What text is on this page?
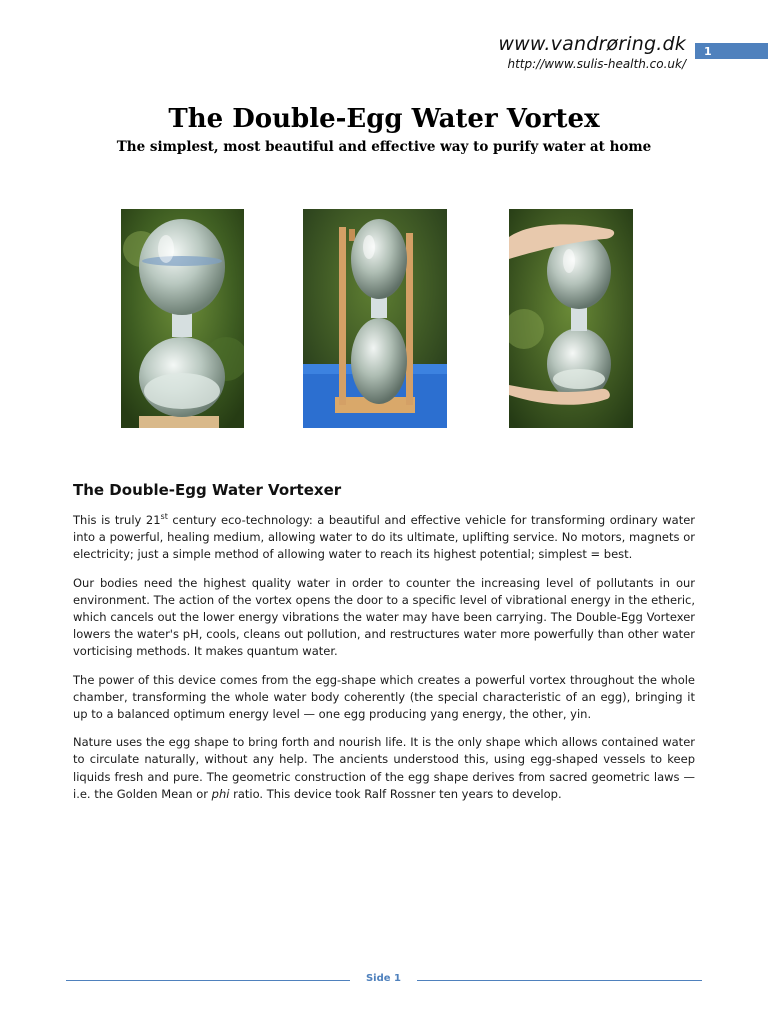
www.vandrøring.dk
http://www.sulis-health.co.uk/
1
The Double-Egg Water Vortex
The simplest, most beautiful and effective way to purify water at home
The Double-Egg Water Vortexer

This is truly 21st century eco-technology: a beautiful and effective vehicle for transforming ordinary water into a powerful, healing medium, allowing water to do its ultimate, uplifting service. No motors, magnets or electricity; just a simple method of allowing water to reach its highest potential; simplest = best.

Our bodies need the highest quality water in order to counter the increasing level of pollutants in our environment. The action of the vortex opens the door to a specific level of vibrational energy in the etheric, which cancels out the lower energy vibrations the water may have been carrying. The Double-Egg Vortexer lowers the water's pH, cools, cleans out pollution, and restructures water more powerfully than other water vorticising methods. It makes quantum water.

The power of this device comes from the egg-shape which creates a powerful vortex throughout the whole chamber, transforming the whole water body coherently (the special characteristic of an egg), bringing it up to a balanced optimum energy level — one egg producing yang energy, the other, yin.

Nature uses the egg shape to bring forth and nourish life. It is the only shape which allows contained water to circulate naturally, without any help. The ancients understood this, using egg-shaped vessels to keep liquids fresh and pure. The geometric construction of the egg shape derives from sacred geometric laws — i.e. the Golden Mean or phi ratio. This device took Ralf Rossner ten years to develop.

Side 1
